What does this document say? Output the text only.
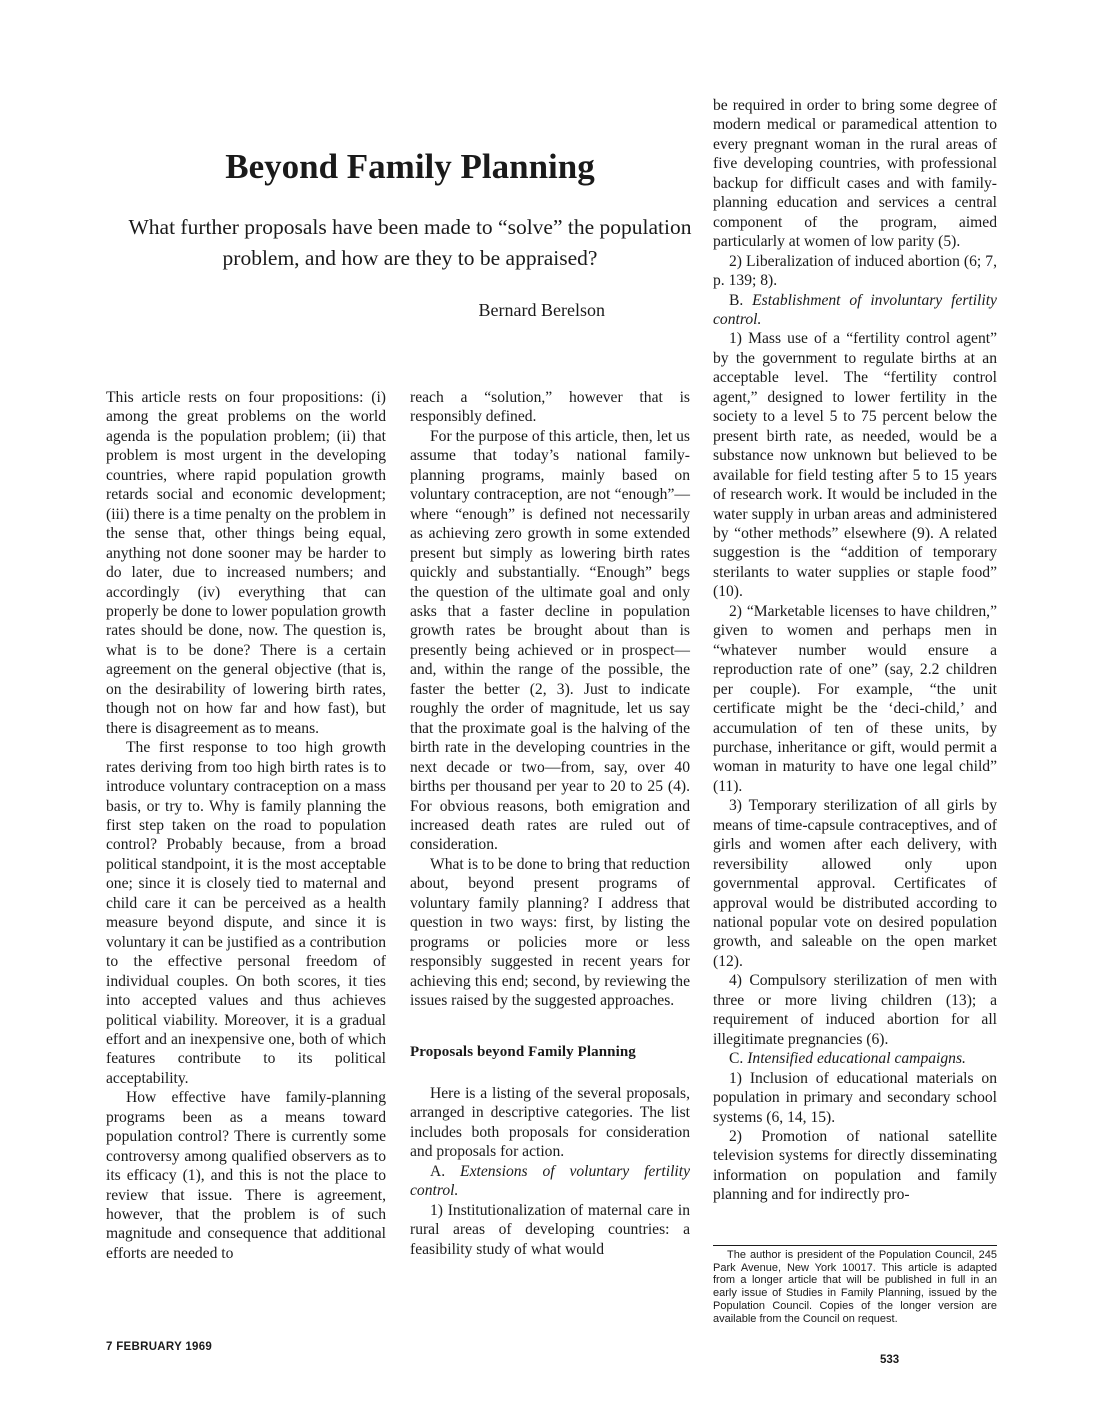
Beyond Family Planning

What further proposals have been made to “solve” the population problem, and how are they to be appraised?

Bernard Berelson

This article rests on four propositions: (i) among the great problems on the world agenda is the population problem; (ii) that problem is most urgent in the developing countries, where rapid population growth retards social and economic development; (iii) there is a time penalty on the problem in the sense that, other things being equal, anything not done sooner may be harder to do later, due to increased numbers; and accordingly (iv) everything that can properly be done to lower population growth rates should be done, now. The question is, what is to be done? There is a certain agreement on the general objective (that is, on the desirability of lowering birth rates, though not on how far and how fast), but there is disagreement as to means.

The first response to too high growth rates deriving from too high birth rates is to introduce voluntary contraception on a mass basis, or try to. Why is family planning the first step taken on the road to population control? Probably because, from a broad political standpoint, it is the most acceptable one; since it is closely tied to maternal and child care it can be perceived as a health measure beyond dispute, and since it is voluntary it can be justified as a contribution to the effective personal freedom of individual couples. On both scores, it ties into accepted values and thus achieves political viability. Moreover, it is a gradual effort and an inexpensive one, both of which features contribute to its political acceptability.

How effective have family-planning programs been as a means toward population control? There is currently some controversy among qualified observers as to its efficacy (1), and this is not the place to review that issue. There is agreement, however, that the problem is of such magnitude and consequence that additional efforts are needed to

reach a “solution,” however that is responsibly defined.

For the purpose of this article, then, let us assume that today’s national family-planning programs, mainly based on voluntary contraception, are not “enough”—where “enough” is defined not necessarily as achieving zero growth in some extended present but simply as lowering birth rates quickly and substantially. “Enough” begs the question of the ultimate goal and only asks that a faster decline in population growth rates be brought about than is presently being achieved or in prospect—and, within the range of the possible, the faster the better (2, 3). Just to indicate roughly the order of magnitude, let us say that the proximate goal is the halving of the birth rate in the developing countries in the next decade or two—from, say, over 40 births per thousand per year to 20 to 25 (4). For obvious reasons, both emigration and increased death rates are ruled out of consideration.

What is to be done to bring that reduction about, beyond present programs of voluntary family planning? I address that question in two ways: first, by listing the programs or policies more or less responsibly suggested in recent years for achieving this end; second, by reviewing the issues raised by the suggested approaches.

Proposals beyond Family Planning

Here is a listing of the several proposals, arranged in descriptive categories. The list includes both proposals for consideration and proposals for action.

A. Extensions of voluntary fertility control.

1) Institutionalization of maternal care in rural areas of developing countries: a feasibility study of what would

be required in order to bring some degree of modern medical or paramedical attention to every pregnant woman in the rural areas of five developing countries, with professional backup for difficult cases and with family-planning education and services a central component of the program, aimed particularly at women of low parity (5).

2) Liberalization of induced abortion (6; 7, p. 139; 8).

B. Establishment of involuntary fertility control.

1) Mass use of a “fertility control agent” by the government to regulate births at an acceptable level. The “fertility control agent,” designed to lower fertility in the society to a level 5 to 75 percent below the present birth rate, as needed, would be a substance now unknown but believed to be available for field testing after 5 to 15 years of research work. It would be included in the water supply in urban areas and administered by “other methods” elsewhere (9). A related suggestion is the “addition of temporary sterilants to water supplies or staple food” (10).

2) “Marketable licenses to have children,” given to women and perhaps men in “whatever number would ensure a reproduction rate of one” (say, 2.2 children per couple). For example, “the unit certificate might be the ‘deci-child,’ and accumulation of ten of these units, by purchase, inheritance or gift, would permit a woman in maturity to have one legal child” (11).

3) Temporary sterilization of all girls by means of time-capsule contraceptives, and of girls and women after each delivery, with reversibility allowed only upon governmental approval. Certificates of approval would be distributed according to national popular vote on desired population growth, and saleable on the open market (12).

4) Compulsory sterilization of men with three or more living children (13); a requirement of induced abortion for all illegitimate pregnancies (6).

C. Intensified educational campaigns.

1) Inclusion of educational materials on population in primary and secondary school systems (6, 14, 15).

2) Promotion of national satellite television systems for directly disseminating information on population and family planning and for indirectly pro-

The author is president of the Population Council, 245 Park Avenue, New York 10017. This article is adapted from a longer article that will be published in full in an early issue of Studies in Family Planning, issued by the Population Council. Copies of the longer version are available from the Council on request.
7 FEBRUARY 1969
533
